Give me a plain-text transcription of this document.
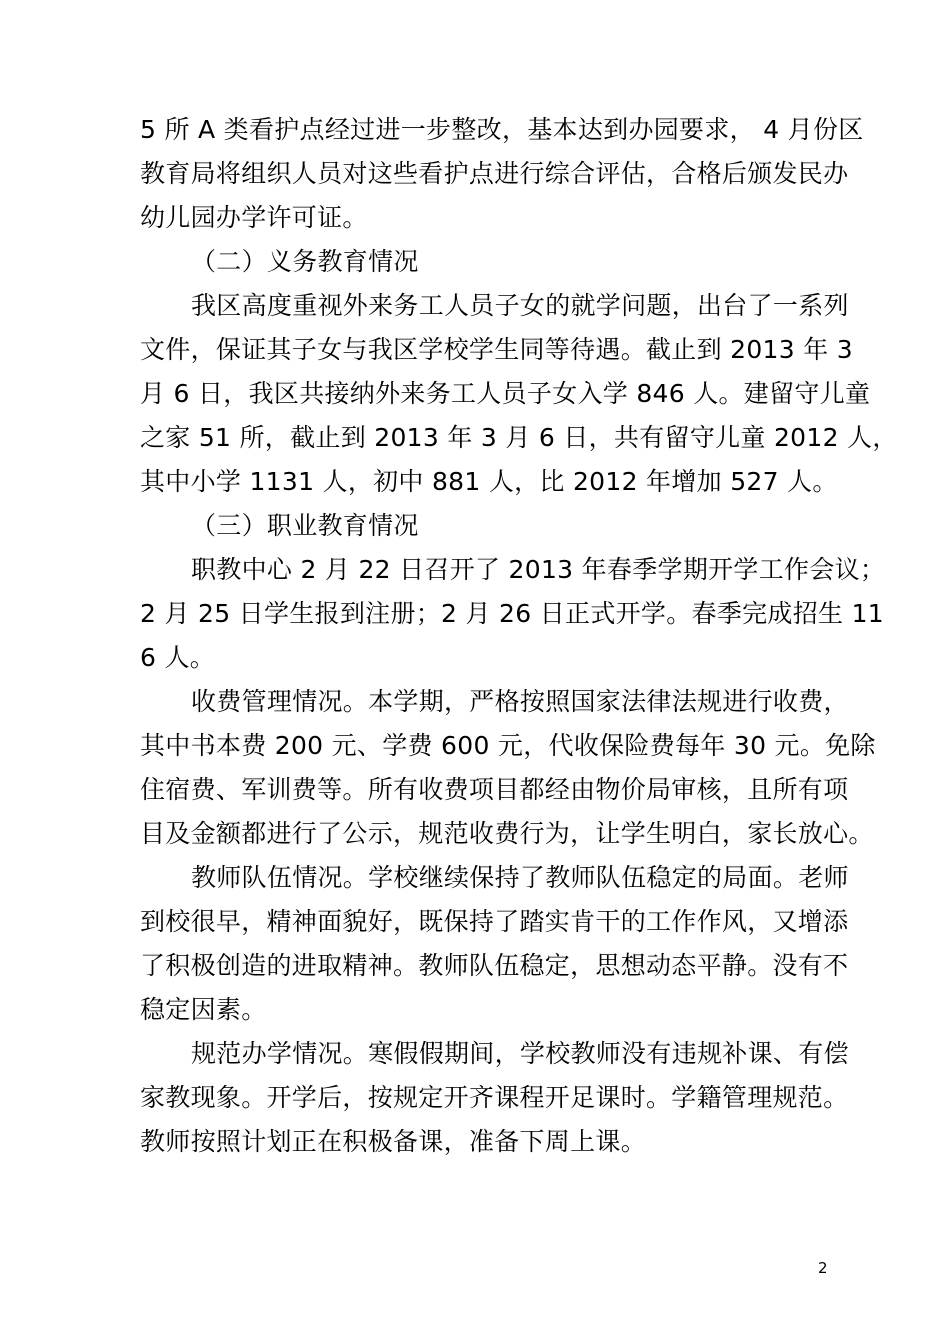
5 所 A 类看护点经过进一步整改，基本达到办园要求， 4 月份区
教育局将组织人员对这些看护点进行综合评估，合格后颁发民办
幼儿园办学许可证。
（二）义务教育情况
我区高度重视外来务工人员子女的就学问题，出台了一系列
文件，保证其子女与我区学校学生同等待遇。截止到 2013 年 3
月 6 日，我区共接纳外来务工人员子女入学 846 人。建留守儿童
之家 51 所，截止到 2013 年 3 月 6 日，共有留守儿童 2012 人，
其中小学 1131 人，初中 881 人，比 2012 年增加 527 人。
（三）职业教育情况
职教中心 2 月 22 日召开了 2013 年春季学期开学工作会议；
2 月 25 日学生报到注册；2 月 26 日正式开学。春季完成招生 11
6 人。
收费管理情况。本学期，严格按照国家法律法规进行收费，
其中书本费 200 元、学费 600 元，代收保险费每年 30 元。免除
住宿费、军训费等。所有收费项目都经由物价局审核，且所有项
目及金额都进行了公示，规范收费行为，让学生明白，家长放心。
教师队伍情况。学校继续保持了教师队伍稳定的局面。老师
到校很早，精神面貌好，既保持了踏实肯干的工作作风，又增添
了积极创造的进取精神。教师队伍稳定，思想动态平静。没有不
稳定因素。
规范办学情况。寒假假期间，学校教师没有违规补课、有偿
家教现象。开学后，按规定开齐课程开足课时。学籍管理规范。
教师按照计划正在积极备课，准备下周上课。
2
